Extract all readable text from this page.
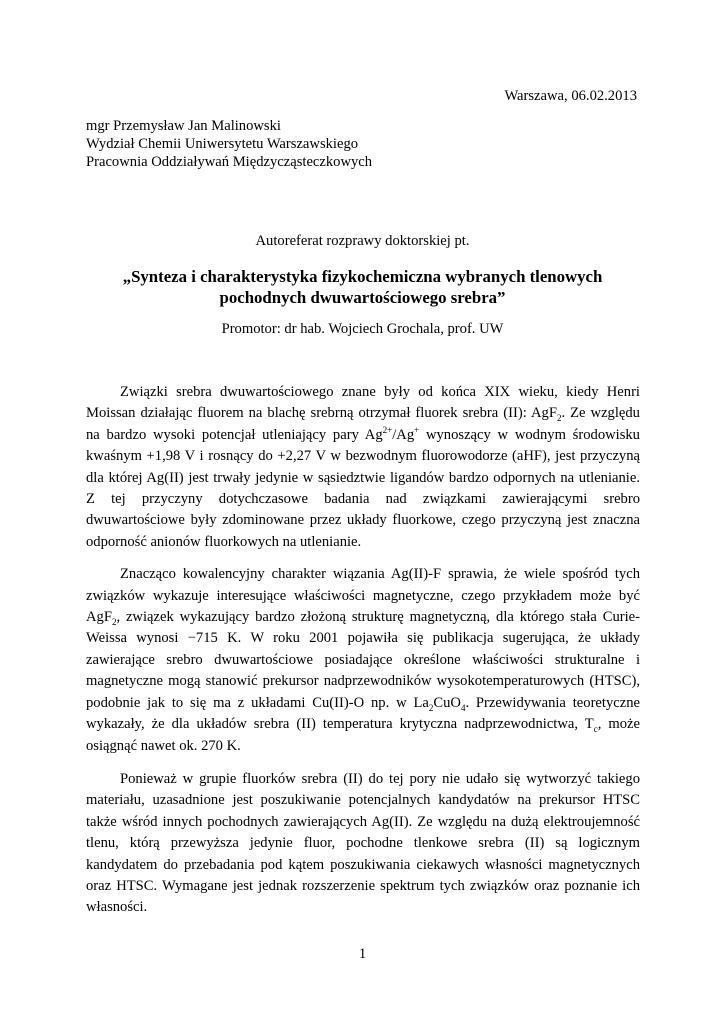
Warszawa, 06.02.2013
mgr Przemysław Jan Malinowski
Wydział Chemii Uniwersytetu Warszawskiego
Pracownia Oddziaływań Międzycząsteczkowych
Autoreferat rozprawy doktorskiej pt.
„Synteza i charakterystyka fizykochemiczna wybranych tlenowych
pochodnych dwuwartościowego srebra”
Promotor: dr hab. Wojciech Grochala, prof. UW

Związki srebra dwuwartościowego znane były od końca XIX wieku, kiedy Henri Moissan działając fluorem na blachę srebrną otrzymał fluorek srebra (II): AgF$_2$. Ze względu na bardzo wysoki potencjał utleniający pary $Ag^{2+}/Ag^+$ wynoszący w wodnym środowisku kwaśnym +1,98 V i rosnący do +2,27 V w bezwodnym fluorowodorze (aHF), jest przyczyną dla której Ag(II) jest trwały jedynie w sąsiedztwie ligandów bardzo odpornych na utlenianie. Z tej przyczyny dotychczasowe badania nad związkami zawierającymi srebro dwuwartościowe były zdominowane przez układy fluorkowe, czego przyczyną jest znaczna odporność anionów fluorkowych na utlenianie.

Znacząco kowalencyjny charakter wiązania Ag(II)-F sprawia, że wiele spośród tych związków wykazuje interesujące właściwości magnetyczne, czego przykładem może być AgF$_2$, związek wykazujący bardzo złożoną strukturę magnetyczną, dla którego stała Curie-Weissa wynosi −715 K. W roku 2001 pojawiła się publikacja sugerująca, że układy zawierające srebro dwuwartościowe posiadające określone właściwości strukturalne i magnetyczne mogą stanowić prekursor nadprzewodników wysokotemperaturowych (HTSC), podobnie jak to się ma z układami Cu(II)-O np. w $La_2CuO_4$. Przewidywania teoretyczne wykazały, że dla układów srebra (II) temperatura krytyczna nadprzewodnictwa, $T_c$, może osiągnąć nawet ok. 270 K.

Ponieważ w grupie fluorków srebra (II) do tej pory nie udało się wytworzyć takiego materiału, uzasadnione jest poszukiwanie potencjalnych kandydatów na prekursor HTSC także wśród innych pochodnych zawierających Ag(II). Ze względu na dużą elektroujemność tlenu, którą przewyższa jedynie fluor, pochodne tlenkowe srebra (II) są logicznym kandydatem do przebadania pod kątem poszukiwania ciekawych własności magnetycznych oraz HTSC. Wymagane jest jednak rozszerzenie spektrum tych związków oraz poznanie ich własności.

1
